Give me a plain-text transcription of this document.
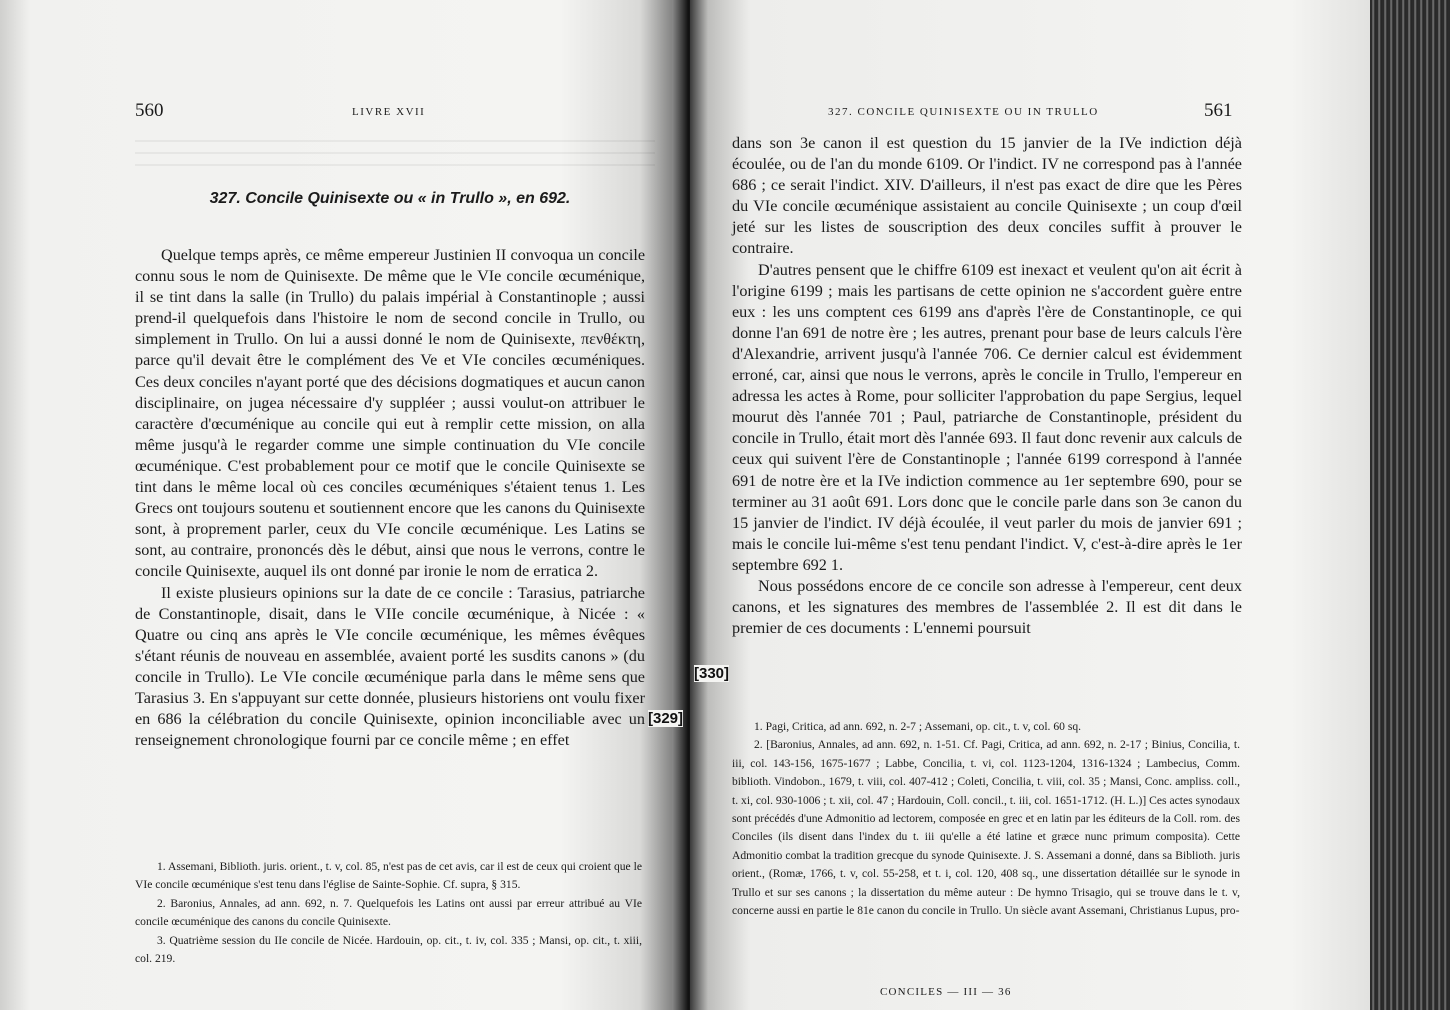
560	LIVRE XVII
327. Concile Quinisexte ou « in Trullo », en 692.

Quelque temps après, ce même empereur Justinien II convoqua un concile connu sous le nom de Quinisexte. De même que le VIe concile œcuménique, il se tint dans la salle (in Trullo) du palais impérial à Constantinople ; aussi prend-il quelquefois dans l'histoire le nom de second concile in Trullo, ou simplement in Trullo. On lui a aussi donné le nom de Quinisexte, πενθέκτη, parce qu'il devait être le complément des Ve et VIe conciles œcuméniques. Ces deux conciles n'ayant porté que des décisions dogmatiques et aucun canon disciplinaire, on jugea nécessaire d'y suppléer ; aussi voulut-on attribuer le caractère d'œcuménique au concile qui eut à remplir cette mission, on alla même jusqu'à le regarder comme une simple continuation du VIe concile œcuménique. C'est probablement pour ce motif que le concile Quinisexte se tint dans le même local où ces conciles œcuméniques s'étaient tenus 1. Les Grecs ont toujours soutenu et soutiennent encore que les canons du Quinisexte sont, à proprement parler, ceux du VIe concile œcuménique. Les Latins se sont, au contraire, prononcés dès le début, ainsi que nous le verrons, contre le concile Quinisexte, auquel ils ont donné par ironie le nom de erratica 2.

Il existe plusieurs opinions sur la date de ce concile : Tarasius, patriarche de Constantinople, disait, dans le VIIe concile œcuménique, à Nicée : « Quatre ou cinq ans après le VIe concile œcuménique, les mêmes évêques s'étant réunis de nouveau en assemblée, avaient porté les susdits canons » (du concile in Trullo). Le VIe concile œcuménique parla dans le même sens que Tarasius 3. En s'appuyant sur cette donnée, plusieurs historiens ont voulu fixer en 686 la célébration du concile Quinisexte, opinion inconciliable avec un renseignement chronologique fourni par ce concile même ; en effet

1. Assemani, Biblioth. juris. orient., t. v, col. 85, n'est pas de cet avis, car il est de ceux qui croient que le VIe concile œcuménique s'est tenu dans l'église de Sainte-Sophie. Cf. supra, § 315.

2. Baronius, Annales, ad ann. 692, n. 7. Quelquefois les Latins ont aussi par erreur attribué au VIe concile œcuménique des canons du concile Quinisexte.

3. Quatrième session du IIe concile de Nicée. Hardouin, op. cit., t. iv, col. 335 ; Mansi, op. cit., t. xiii, col. 219.

327. CONCILE QUINISEXTE OU IN TRULLO	561

dans son 3e canon il est question du 15 janvier de la IVe indiction déjà écoulée, ou de l'an du monde 6109. Or l'indict. IV ne correspond pas à l'année 686 ; ce serait l'indict. XIV. D'ailleurs, il n'est pas exact de dire que les Pères du VIe concile œcuménique assistaient au concile Quinisexte ; un coup d'œil jeté sur les listes de souscription des deux conciles suffit à prouver le contraire.

D'autres pensent que le chiffre 6109 est inexact et veulent qu'on ait écrit à l'origine 6199 ; mais les partisans de cette opinion ne s'accordent guère entre eux : les uns comptent ces 6199 ans d'après l'ère de Constantinople, ce qui donne l'an 691 de notre ère ; les autres, prenant pour base de leurs calculs l'ère d'Alexandrie, arrivent jusqu'à l'année 706. Ce dernier calcul est évidemment erroné, car, ainsi que nous le verrons, après le concile in Trullo, l'empereur en adressa les actes à Rome, pour solliciter l'approbation du pape Sergius, lequel mourut dès l'année 701 ; Paul, patriarche de Constantinople, président du concile in Trullo, était mort dès l'année 693. Il faut donc revenir aux calculs de ceux qui suivent l'ère de Constantinople ; l'année 6199 correspond à l'année 691 de notre ère et la IVe indiction commence au 1er septembre 690, pour se terminer au 31 août 691. Lors donc que le concile parle dans son 3e canon du 15 janvier de l'indict. IV déjà écoulée, il veut parler du mois de janvier 691 ; mais le concile lui-même s'est tenu pendant l'indict. V, c'est-à-dire après le 1er septembre 692 1.

Nous possédons encore de ce concile son adresse à l'empereur, cent deux canons, et les signatures des membres de l'assemblée 2. Il est dit dans le premier de ces documents : L'ennemi poursuit

1. Pagi, Critica, ad ann. 692, n. 2-7 ; Assemani, op. cit., t. v, col. 60 sq.

2. [Baronius, Annales, ad ann. 692, n. 1-51. Cf. Pagi, Critica, ad ann. 692, n. 2-17 ; Binius, Concilia, t. iii, col. 143-156, 1675-1677 ; Labbe, Concilia, t. vi, col. 1123-1204, 1316-1324 ; Lambecius, Comm. biblioth. Vindobon., 1679, t. viii, col. 407-412 ; Coleti, Concilia, t. viii, col. 35 ; Mansi, Conc. ampliss. coll., t. xi, col. 930-1006 ; t. xii, col. 47 ; Hardouin, Coll. concil., t. iii, col. 1651-1712. (H. L.)] Ces actes synodaux sont précédés d'une Admonitio ad lectorem, composée en grec et en latin par les éditeurs de la Coll. rom. des Conciles (ils disent dans l'index du t. iii qu'elle a été latine et græce nunc primum composita). Cette Admonitio combat la tradition grecque du synode Quinisexte. J. S. Assemani a donné, dans sa Biblioth. juris orient., (Romæ, 1766, t. v, col. 55-258, et t. i, col. 120, 408 sq., une dissertation détaillée sur le synode in Trullo et sur ses canons ; la dissertation du même auteur : De hymno Trisagio, qui se trouve dans le t. v, concerne aussi en partie le 81e canon du concile in Trullo. Un siècle avant Assemani, Christianus Lupus, pro-

CONCILES — III — 36
[329]
[330]
